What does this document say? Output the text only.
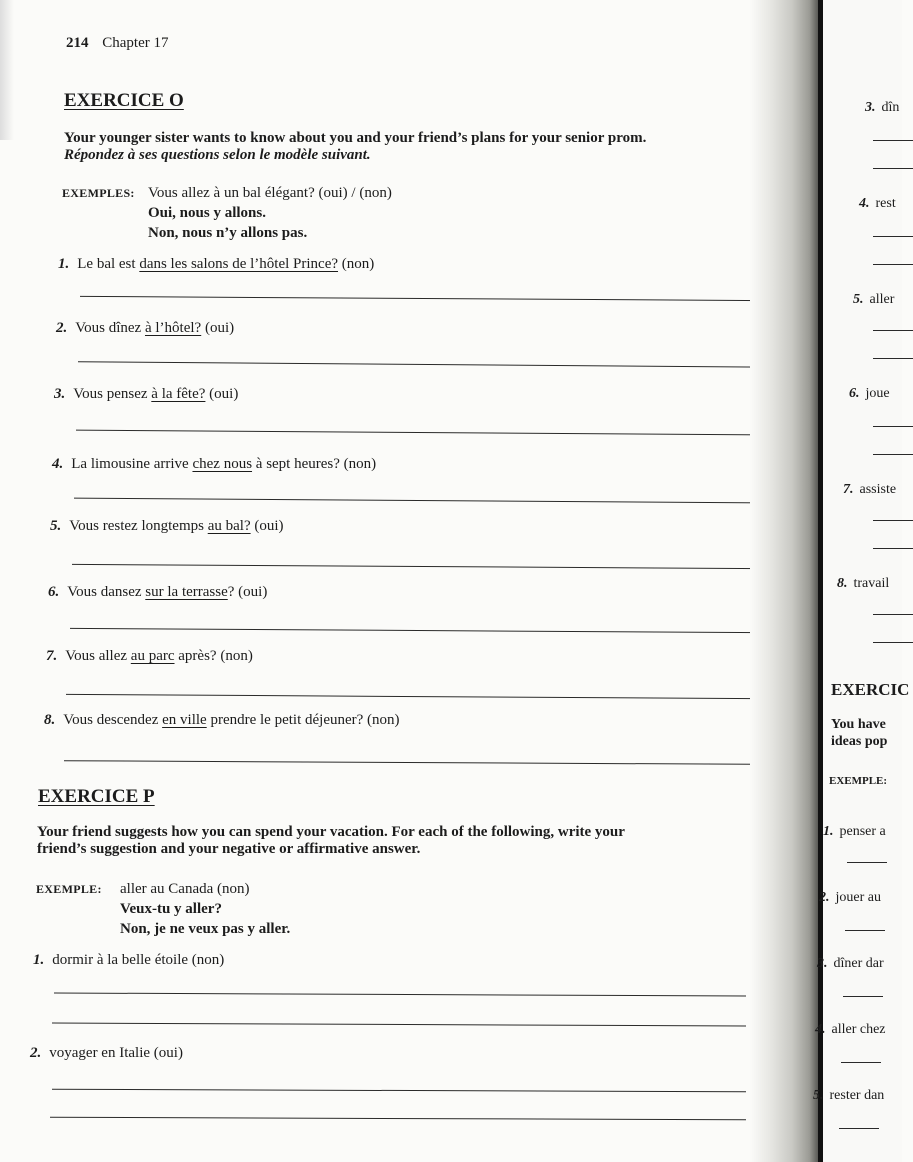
214 Chapter 17
EXERCICE O
Your younger sister wants to know about you and your friend’s plans for your senior prom.
Répondez à ses questions selon le modèle suivant.
EXEMPLES: Vous allez à un bal élégant? (oui) / (non)
Oui, nous y allons.
Non, nous n’y allons pas.
1. Le bal est dans les salons de l’hôtel Prince? (non)
2. Vous dînez à l’hôtel? (oui)
3. Vous pensez à la fête? (oui)
4. La limousine arrive chez nous à sept heures? (non)
5. Vous restez longtemps au bal? (oui)
6. Vous dansez sur la terrasse? (oui)
7. Vous allez au parc après? (non)
8. Vous descendez en ville prendre le petit déjeuner? (non)
EXERCICE P
Your friend suggests how you can spend your vacation. For each of the following, write your
friend’s suggestion and your negative or affirmative answer.
EXEMPLE: aller au Canada (non)
Veux-tu y aller?
Non, je ne veux pas y aller.
1. dormir à la belle étoile (non)
2. voyager en Italie (oui)
3. dîn
4. rest
5. aller
6. joue
7. assiste
8. travail
EXERCIC
You have
ideas pop
EXEMPLE:
1. penser a
2. jouer au
3. dîner dar
4. aller chez
5. rester dan
